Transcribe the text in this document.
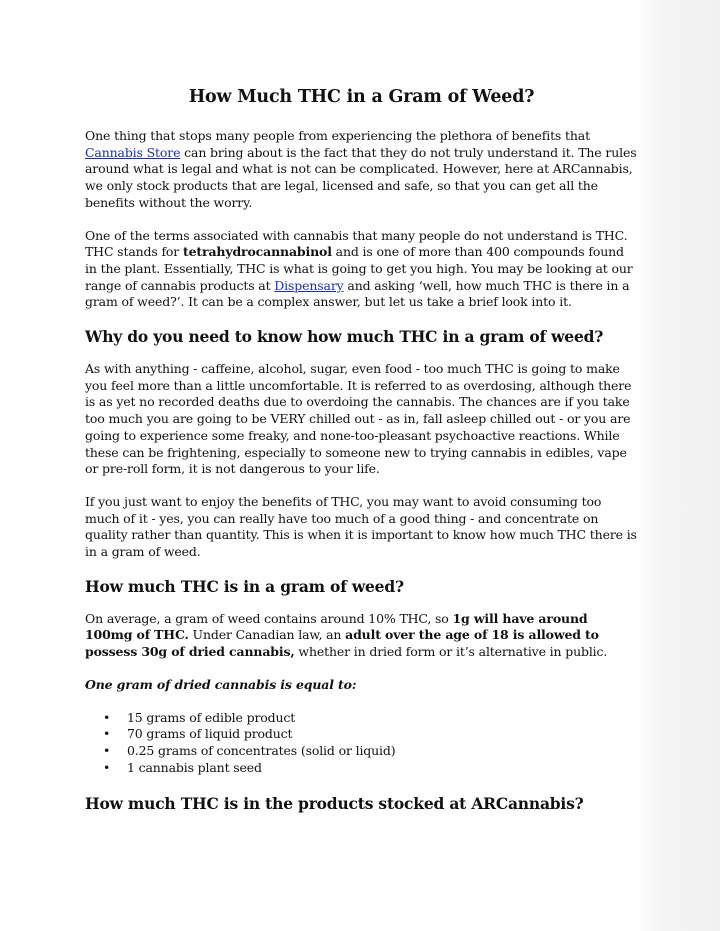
How Much THC in a Gram of Weed?

One thing that stops many people from experiencing the plethora of benefits that Cannabis Store can bring about is the fact that they do not truly understand it. The rules around what is legal and what is not can be complicated. However, here at ARCannabis, we only stock products that are legal, licensed and safe, so that you can get all the benefits without the worry.

One of the terms associated with cannabis that many people do not understand is THC. THC stands for tetrahydrocannabinol and is one of more than 400 compounds found in the plant. Essentially, THC is what is going to get you high. You may be looking at our range of cannabis products at Dispensary and asking ‘well, how much THC is there in a gram of weed?’. It can be a complex answer, but let us take a brief look into it.

Why do you need to know how much THC in a gram of weed?

As with anything - caffeine, alcohol, sugar, even food - too much THC is going to make you feel more than a little uncomfortable. It is referred to as overdosing, although there is as yet no recorded deaths due to overdoing the cannabis. The chances are if you take too much you are going to be VERY chilled out - as in, fall asleep chilled out - or you are going to experience some freaky, and none-too-pleasant psychoactive reactions. While these can be frightening, especially to someone new to trying cannabis in edibles, vape or pre-roll form, it is not dangerous to your life.

If you just want to enjoy the benefits of THC, you may want to avoid consuming too much of it - yes, you can really have too much of a good thing - and concentrate on quality rather than quantity. This is when it is important to know how much THC there is in a gram of weed.

How much THC is in a gram of weed?

On average, a gram of weed contains around 10% THC, so 1g will have around 100mg of THC. Under Canadian law, an adult over the age of 18 is allowed to possess 30g of dried cannabis, whether in dried form or it’s alternative in public.

One gram of dried cannabis is equal to:

• 15 grams of edible product
• 70 grams of liquid product
• 0.25 grams of concentrates (solid or liquid)
• 1 cannabis plant seed
How much THC is in the products stocked at ARCannabis?
